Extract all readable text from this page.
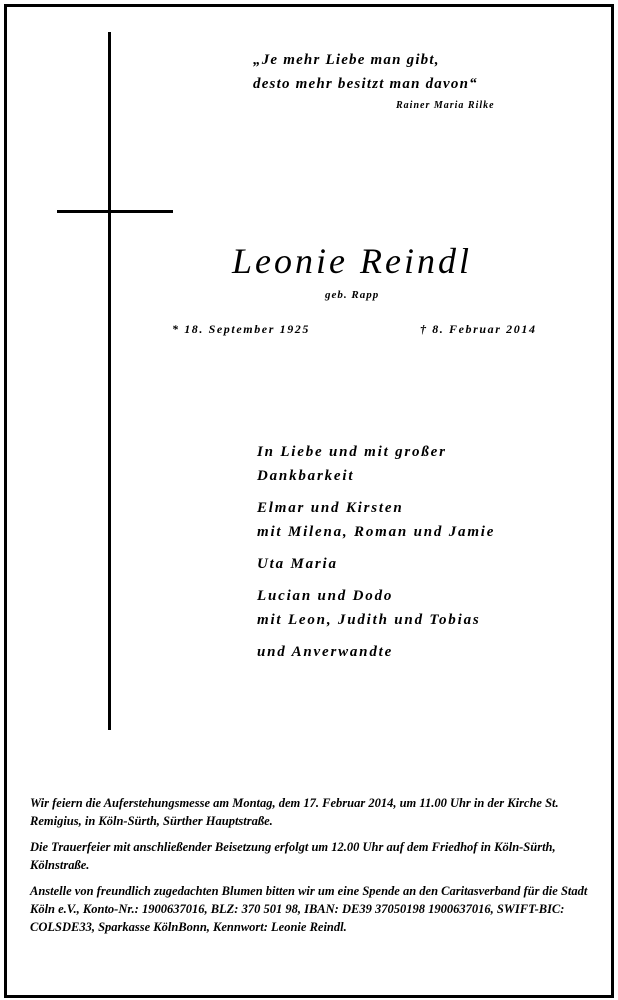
„Je mehr Liebe man gibt,
desto mehr besitzt man davon“
Rainer Maria Rilke
Leonie Reindl
geb. Rapp
* 18. September 1925	† 8. Februar 2014
In Liebe und mit großer
Dankbarkeit
Elmar und Kirsten
mit Milena, Roman und Jamie
Uta Maria
Lucian und Dodo
mit Leon, Judith und Tobias
und Anverwandte

Wir feiern die Auferstehungsmesse am Montag, dem 17. Februar 2014, um 11.00 Uhr in der Kirche St. Remigius, in Köln-Sürth, Sürther Hauptstraße.

Die Trauerfeier mit anschließender Beisetzung erfolgt um 12.00 Uhr auf dem Friedhof in Köln-Sürth, Kölnstraße.

Anstelle von freundlich zugedachten Blumen bitten wir um eine Spende an den Caritasverband für die Stadt Köln e.V., Konto-Nr.: 1900637016, BLZ: 370 501 98, IBAN: DE39 37050198 1900637016, SWIFT-BIC: COLSDE33, Sparkasse KölnBonn, Kennwort: Leonie Reindl.
